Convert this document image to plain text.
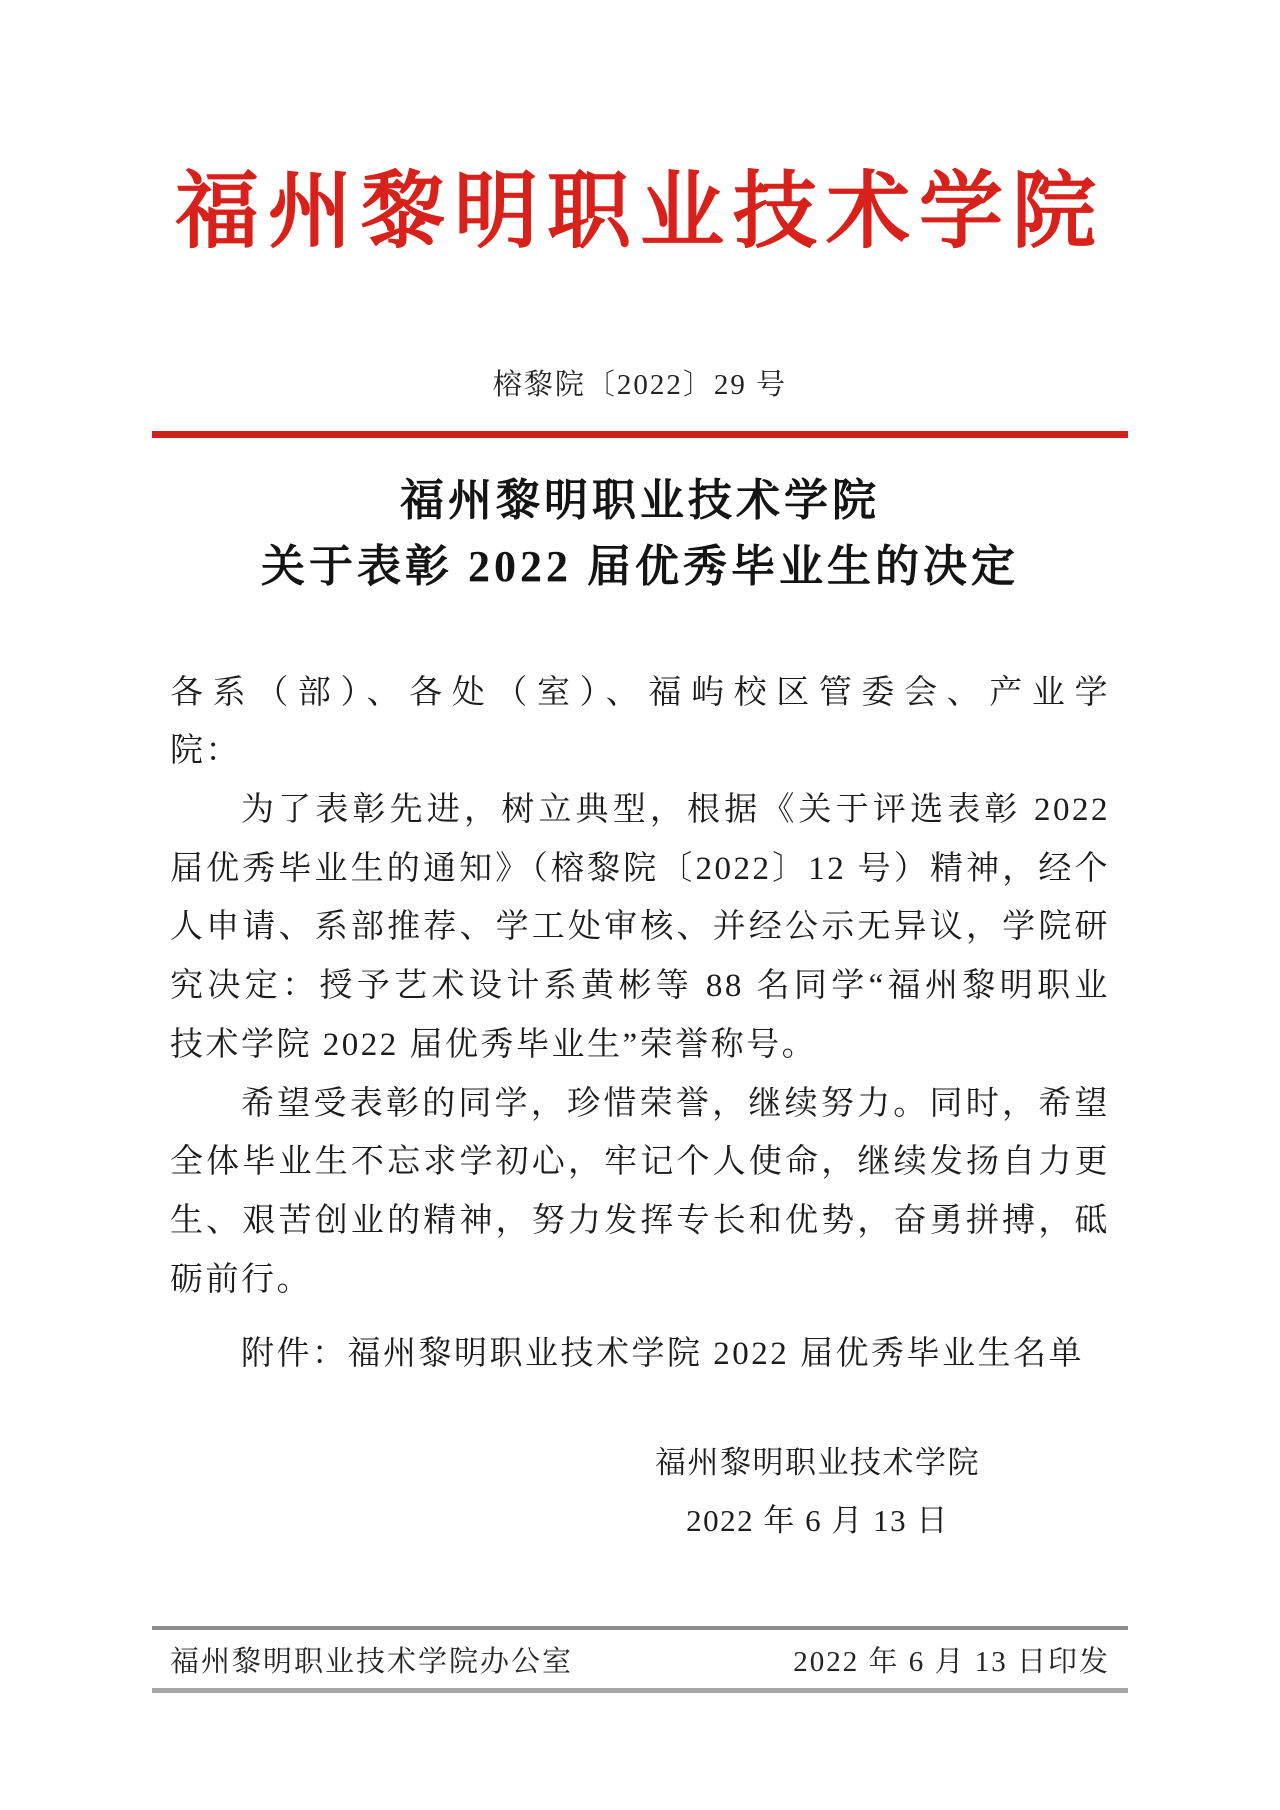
福州黎明职业技术学院
榕黎院〔2022〕29 号
福州黎明职业技术学院
关于表彰 2022 届优秀毕业生的决定
各系（部）、各处（室）、福屿校区管委会、产业学
院：
为了表彰先进，树立典型，根据《关于评选表彰 2022
届优秀毕业生的通知》（榕黎院〔2022〕12 号）精神，经个
人申请、系部推荐、学工处审核、并经公示无异议，学院研
究决定：授予艺术设计系黄彬等 88 名同学“福州黎明职业
技术学院 2022 届优秀毕业生”荣誉称号。
希望受表彰的同学，珍惜荣誉，继续努力。同时，希望
全体毕业生不忘求学初心，牢记个人使命，继续发扬自力更
生、艰苦创业的精神，努力发挥专长和优势，奋勇拼搏，砥
砺前行。
附件：福州黎明职业技术学院 2022 届优秀毕业生名单
福州黎明职业技术学院
2022 年 6 月 13 日
福州黎明职业技术学院办公室	2022 年 6 月 13 日印发
